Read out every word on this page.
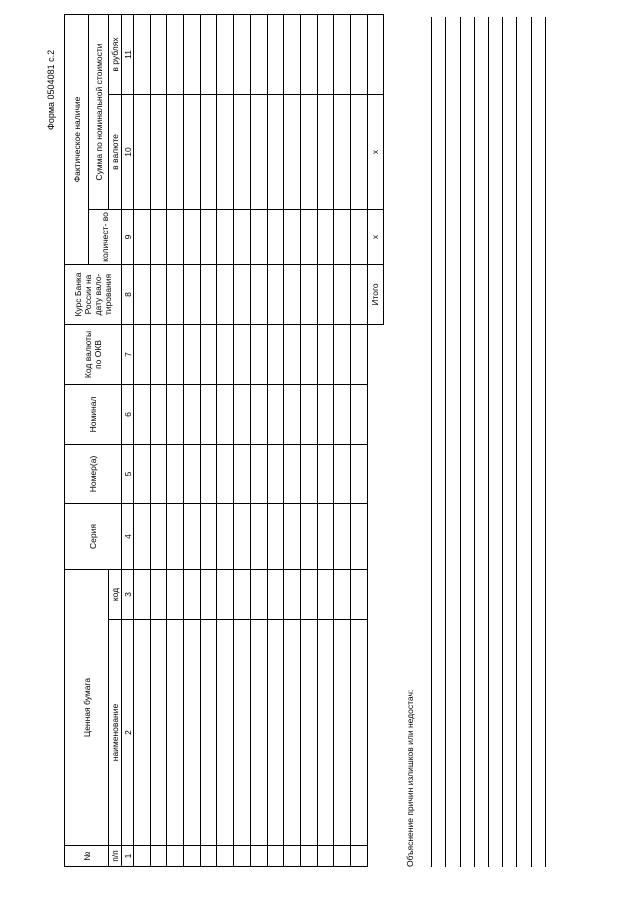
Форма 0504081 с.2
№	Ценная бумага		Серия	Номер(а)	Номинал	Код валюты по ОКВ	Курс Банка России на дату вало- тирования	Фактическое наличие		
								количест- во	Сумма по номинальной стоимости	

п/п	наименование	код							в валюте	в рублях
1	2	3	4	5	6	7	8	9	10	11

							Итого	х	х	
Объяснение причин излишков или недостач:
